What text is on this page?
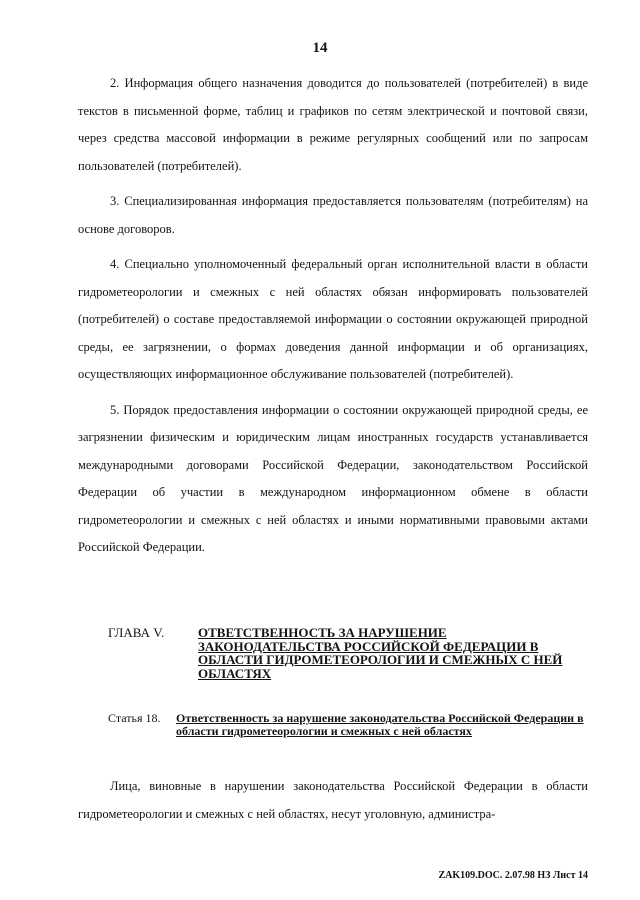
14

2. Информация общего назначения доводится до пользователей (потребителей) в виде текстов в письменной форме, таблиц и графиков по сетям электрической и почтовой связи, через средства массовой информации в режиме регулярных сообщений или по запросам пользователей (потребителей).

3. Специализированная информация предоставляется пользователям (потребителям) на основе договоров.

4. Специально уполномоченный федеральный орган исполнительной власти в области гидрометеорологии и смежных с ней областях обязан информировать пользователей (потребителей) о составе предоставляемой информации о состоянии окружающей природной среды, ее загрязнении, о формах доведения данной информации и об организациях, осуществляющих информационное обслуживание пользователей (потребителей).

5. Порядок предоставления информации о состоянии окружающей природной среды, ее загрязнении физическим и юридическим лицам иностранных государств устанавливается международными договорами Российской Федерации, законодательством Российской Федерации об участии в международном информационном обмене в области гидрометеорологии и смежных с ней областях и иными нормативными правовыми актами Российской Федерации.

ГЛАВА V.	ОТВЕТСТВЕННОСТЬ ЗА НАРУШЕНИЕ ЗАКОНОДАТЕЛЬСТВА РОССИЙСКОЙ ФЕДЕРАЦИИ В ОБЛАСТИ ГИДРОМЕТЕОРОЛОГИИ И СМЕЖНЫХ С НЕЙ ОБЛАСТЯХ
Статья 18.	Ответственность за нарушение законодательства Российской Федерации в области гидрометеорологии и смежных с ней областях

Лица, виновные в нарушении законодательства Российской Федерации в области гидрометеорологии и смежных с ней областях, несут уголовную, администра-

ZAK109.DOC. 2.07.98 НЗ Лист 14
